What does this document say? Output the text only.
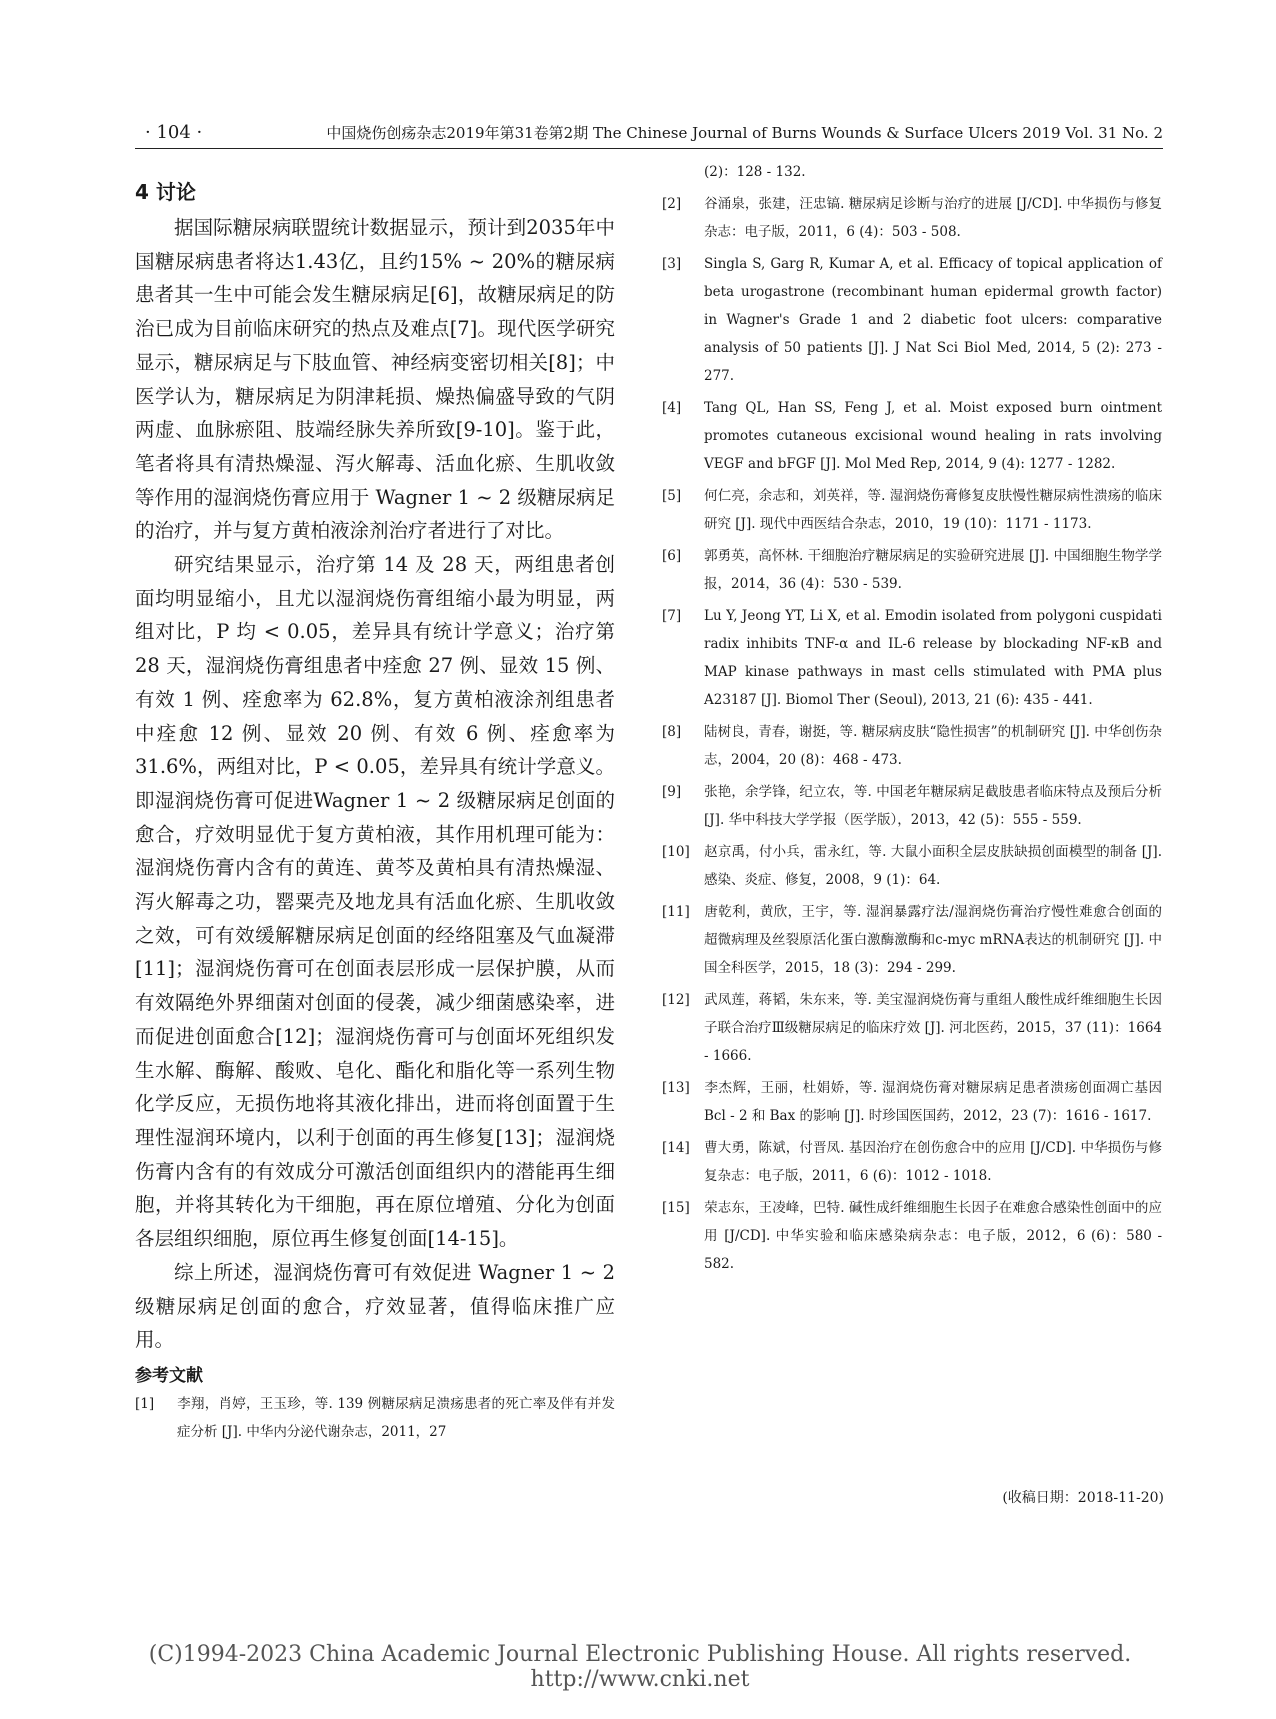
· 104 ·	中国烧伤创疡杂志2019年第31卷第2期 The Chinese Journal of Burns Wounds & Surface Ulcers 2019 Vol. 31 No. 2
4 讨论

据国际糖尿病联盟统计数据显示，预计到2035年中国糖尿病患者将达1.43亿，且约15% ~ 20%的糖尿病患者其一生中可能会发生糖尿病足[6]，故糖尿病足的防治已成为目前临床研究的热点及难点[7]。现代医学研究显示，糖尿病足与下肢血管、神经病变密切相关[8]；中医学认为，糖尿病足为阴津耗损、燥热偏盛导致的气阴两虚、血脉瘀阻、肢端经脉失养所致[9-10]。鉴于此，笔者将具有清热燥湿、泻火解毒、活血化瘀、生肌收敛等作用的湿润烧伤膏应用于 Wagner 1 ~ 2 级糖尿病足的治疗，并与复方黄柏液涂剂治疗者进行了对比。

研究结果显示，治疗第 14 及 28 天，两组患者创面均明显缩小，且尤以湿润烧伤膏组缩小最为明显，两组对比，P 均 < 0.05，差异具有统计学意义；治疗第 28 天，湿润烧伤膏组患者中痊愈 27 例、显效 15 例、有效 1 例、痊愈率为 62.8%，复方黄柏液涂剂组患者中痊愈 12 例、显效 20 例、有效 6 例、痊愈率为 31.6%，两组对比，P < 0.05，差异具有统计学意义。即湿润烧伤膏可促进Wagner 1 ~ 2 级糖尿病足创面的愈合，疗效明显优于复方黄柏液，其作用机理可能为：湿润烧伤膏内含有的黄连、黄芩及黄柏具有清热燥湿、泻火解毒之功，罂粟壳及地龙具有活血化瘀、生肌收敛之效，可有效缓解糖尿病足创面的经络阻塞及气血凝滞[11]；湿润烧伤膏可在创面表层形成一层保护膜，从而有效隔绝外界细菌对创面的侵袭，减少细菌感染率，进而促进创面愈合[12]；湿润烧伤膏可与创面坏死组织发生水解、酶解、酸败、皂化、酯化和脂化等一系列生物化学反应，无损伤地将其液化排出，进而将创面置于生理性湿润环境内，以利于创面的再生修复[13]；湿润烧伤膏内含有的有效成分可激活创面组织内的潜能再生细胞，并将其转化为干细胞，再在原位增殖、分化为创面各层组织细胞，原位再生修复创面[14-15]。

综上所述，湿润烧伤膏可有效促进 Wagner 1 ~ 2 级糖尿病足创面的愈合，疗效显著，值得临床推广应用。

参考文献

[1] 李翔，肖婷，王玉珍，等. 139 例糖尿病足溃疡患者的死亡率及伴有并发症分析 [J]. 中华内分泌代谢杂志，2011，27

(2)：128 - 132.

[2] 谷涌泉，张建，汪忠镐. 糖尿病足诊断与治疗的进展 [J/CD]. 中华损伤与修复杂志：电子版，2011，6 (4)：503 - 508.

[3] Singla S, Garg R, Kumar A, et al. Efficacy of topical application of beta urogastrone (recombinant human epidermal growth factor) in Wagner's Grade 1 and 2 diabetic foot ulcers: comparative analysis of 50 patients [J]. J Nat Sci Biol Med, 2014, 5 (2): 273 - 277.

[4] Tang QL, Han SS, Feng J, et al. Moist exposed burn ointment promotes cutaneous excisional wound healing in rats involving VEGF and bFGF [J]. Mol Med Rep, 2014, 9 (4): 1277 - 1282.

[5] 何仁亮，余志和，刘英祥，等. 湿润烧伤膏修复皮肤慢性糖尿病性溃疡的临床研究 [J]. 现代中西医结合杂志，2010，19 (10)：1171 - 1173.

[6] 郭勇英，高怀林. 干细胞治疗糖尿病足的实验研究进展 [J]. 中国细胞生物学学报，2014，36 (4)：530 - 539.

[7] Lu Y, Jeong YT, Li X, et al. Emodin isolated from polygoni cuspidati radix inhibits TNF-α and IL-6 release by blockading NF-κB and MAP kinase pathways in mast cells stimulated with PMA plus A23187 [J]. Biomol Ther (Seoul), 2013, 21 (6): 435 - 441.

[8] 陆树良，青春，谢挺，等. 糖尿病皮肤“隐性损害”的机制研究 [J]. 中华创伤杂志，2004，20 (8)：468 - 473.

[9] 张艳，余学锋，纪立农，等. 中国老年糖尿病足截肢患者临床特点及预后分析 [J]. 华中科技大学学报（医学版），2013，42 (5)：555 - 559.

[10] 赵京禹，付小兵，雷永红，等. 大鼠小面积全层皮肤缺损创面模型的制备 [J]. 感染、炎症、修复，2008，9 (1)：64.

[11] 唐乾利，黄欣，王宇，等. 湿润暴露疗法/湿润烧伤膏治疗慢性难愈合创面的超微病理及丝裂原活化蛋白激酶激酶和c-myc mRNA表达的机制研究 [J]. 中国全科医学，2015，18 (3)：294 - 299.

[12] 武凤莲，蒋韬，朱东来，等. 美宝湿润烧伤膏与重组人酸性成纤维细胞生长因子联合治疗Ⅲ级糖尿病足的临床疗效 [J]. 河北医药，2015，37 (11)：1664 - 1666.

[13] 李杰辉，王丽，杜娟娇，等. 湿润烧伤膏对糖尿病足患者溃疡创面凋亡基因 Bcl - 2 和 Bax 的影响 [J]. 时珍国医国药，2012，23 (7)：1616 - 1617.

[14] 曹大勇，陈斌，付晋凤. 基因治疗在创伤愈合中的应用 [J/CD]. 中华损伤与修复杂志：电子版，2011，6 (6)：1012 - 1018.

[15] 荣志东，王凌峰，巴特. 碱性成纤维细胞生长因子在难愈合感染性创面中的应用 [J/CD]. 中华实验和临床感染病杂志：电子版，2012，6 (6)：580 - 582.

(收稿日期：2018-11-20)
(C)1994-2023 China Academic Journal Electronic Publishing House. All rights reserved. http://www.cnki.net
